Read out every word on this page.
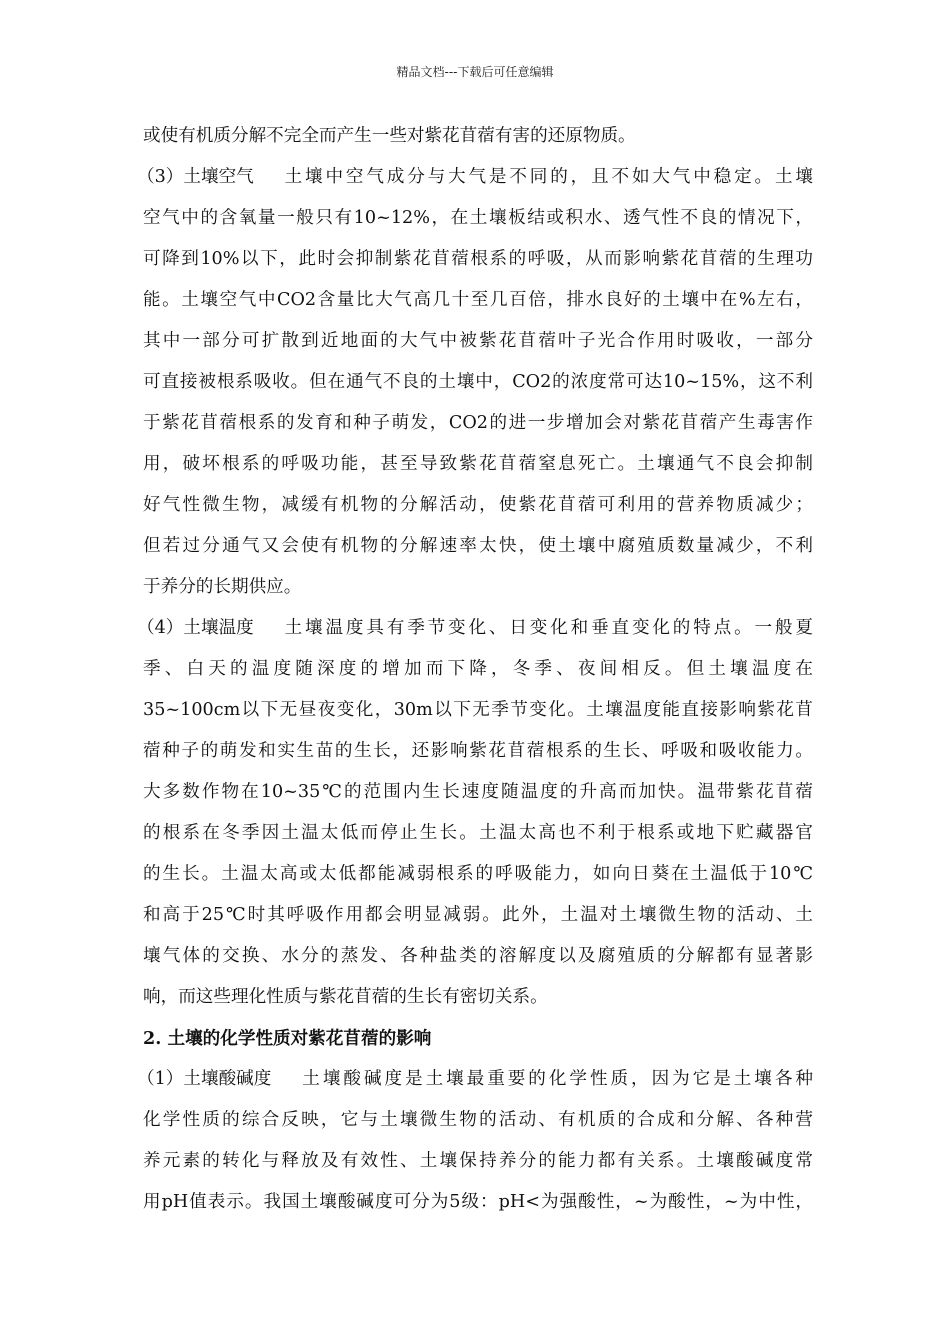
精品文档---下载后可任意编辑
或使有机质分解不完全而产生一些对紫花苜蓿有害的还原物质。
（3）土壤空气 土壤中空气成分与大气是不同的，且不如大气中稳定。土壤
空气中的含氧量一般只有10~12%，在土壤板结或积水、透气性不良的情况下，
可降到10%以下，此时会抑制紫花苜蓿根系的呼吸，从而影响紫花苜蓿的生理功
能。土壤空气中CO2含量比大气高几十至几百倍，排水良好的土壤中在%左右，
其中一部分可扩散到近地面的大气中被紫花苜蓿叶子光合作用时吸收，一部分
可直接被根系吸收。但在通气不良的土壤中，CO2的浓度常可达10~15%，这不利
于紫花苜蓿根系的发育和种子萌发，CO2的进一步增加会对紫花苜蓿产生毒害作
用，破坏根系的呼吸功能，甚至导致紫花苜蓿窒息死亡。土壤通气不良会抑制
好气性微生物，减缓有机物的分解活动，使紫花苜蓿可利用的营养物质减少；
但若过分通气又会使有机物的分解速率太快，使土壤中腐殖质数量减少，不利
于养分的长期供应。
（4）土壤温度 土壤温度具有季节变化、日变化和垂直变化的特点。一般夏
季、白天的温度随深度的增加而下降，冬季、夜间相反。但土壤温度在
35~100cm以下无昼夜变化，30m以下无季节变化。土壤温度能直接影响紫花苜
蓿种子的萌发和实生苗的生长，还影响紫花苜蓿根系的生长、呼吸和吸收能力。
大多数作物在10~35℃的范围内生长速度随温度的升高而加快。温带紫花苜蓿
的根系在冬季因土温太低而停止生长。土温太高也不利于根系或地下贮藏器官
的生长。土温太高或太低都能减弱根系的呼吸能力，如向日葵在土温低于10℃
和高于25℃时其呼吸作用都会明显减弱。此外，土温对土壤微生物的活动、土
壤气体的交换、水分的蒸发、各种盐类的溶解度以及腐殖质的分解都有显著影
响，而这些理化性质与紫花苜蓿的生长有密切关系。
2. 土壤的化学性质对紫花苜蓿的影响
（1）土壤酸碱度 土壤酸碱度是土壤最重要的化学性质，因为它是土壤各种
化学性质的综合反映，它与土壤微生物的活动、有机质的合成和分解、各种营
养元素的转化与释放及有效性、土壤保持养分的能力都有关系。土壤酸碱度常
用pH值表示。我国土壤酸碱度可分为5级：pH<为强酸性，~为酸性，~为中性，
